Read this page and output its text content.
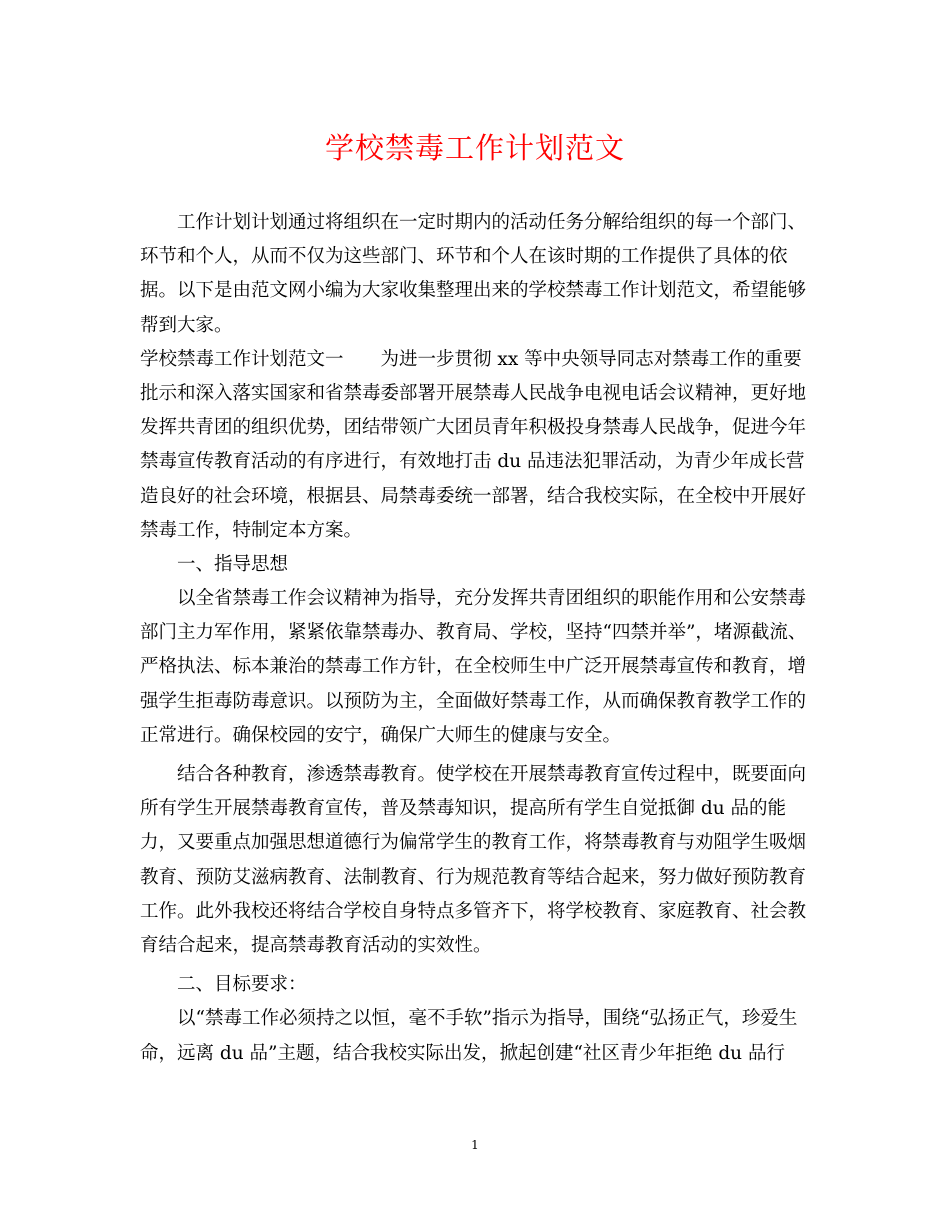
学校禁毒工作计划范文
　　工作计划计划通过将组织在一定时期内的活动任务分解给组织的每一个部门、
环节和个人，从而不仅为这些部门、环节和个人在该时期的工作提供了具体的依
据。以下是由范文网小编为大家收集整理出来的学校禁毒工作计划范文，希望能够
帮到大家。
学校禁毒工作计划范文一　　为进一步贯彻 xx 等中央领导同志对禁毒工作的重要
批示和深入落实国家和省禁毒委部署开展禁毒人民战争电视电话会议精神，更好地
发挥共青团的组织优势，团结带领广大团员青年积极投身禁毒人民战争，促进今年
禁毒宣传教育活动的有序进行，有效地打击 du 品违法犯罪活动，为青少年成长营
造良好的社会环境，根据县、局禁毒委统一部署，结合我校实际，在全校中开展好
禁毒工作，特制定本方案。
　　一、指导思想
　　以全省禁毒工作会议精神为指导，充分发挥共青团组织的职能作用和公安禁毒
部门主力军作用，紧紧依靠禁毒办、教育局、学校，坚持“四禁并举”，堵源截流、
严格执法、标本兼治的禁毒工作方针，在全校师生中广泛开展禁毒宣传和教育，增
强学生拒毒防毒意识。以预防为主，全面做好禁毒工作，从而确保教育教学工作的
正常进行。确保校园的安宁，确保广大师生的健康与安全。
　　结合各种教育，渗透禁毒教育。使学校在开展禁毒教育宣传过程中，既要面向
所有学生开展禁毒教育宣传，普及禁毒知识，提高所有学生自觉抵御 du 品的能
力，又要重点加强思想道德行为偏常学生的教育工作，将禁毒教育与劝阻学生吸烟
教育、预防艾滋病教育、法制教育、行为规范教育等结合起来，努力做好预防教育
工作。此外我校还将结合学校自身特点多管齐下，将学校教育、家庭教育、社会教
育结合起来，提高禁毒教育活动的实效性。
　　二、目标要求：
　　以“禁毒工作必须持之以恒，毫不手软”指示为指导，围绕“弘扬正气，珍爱生
命，远离 du 品”主题，结合我校实际出发，掀起创建“社区青少年拒绝 du 品行
1
